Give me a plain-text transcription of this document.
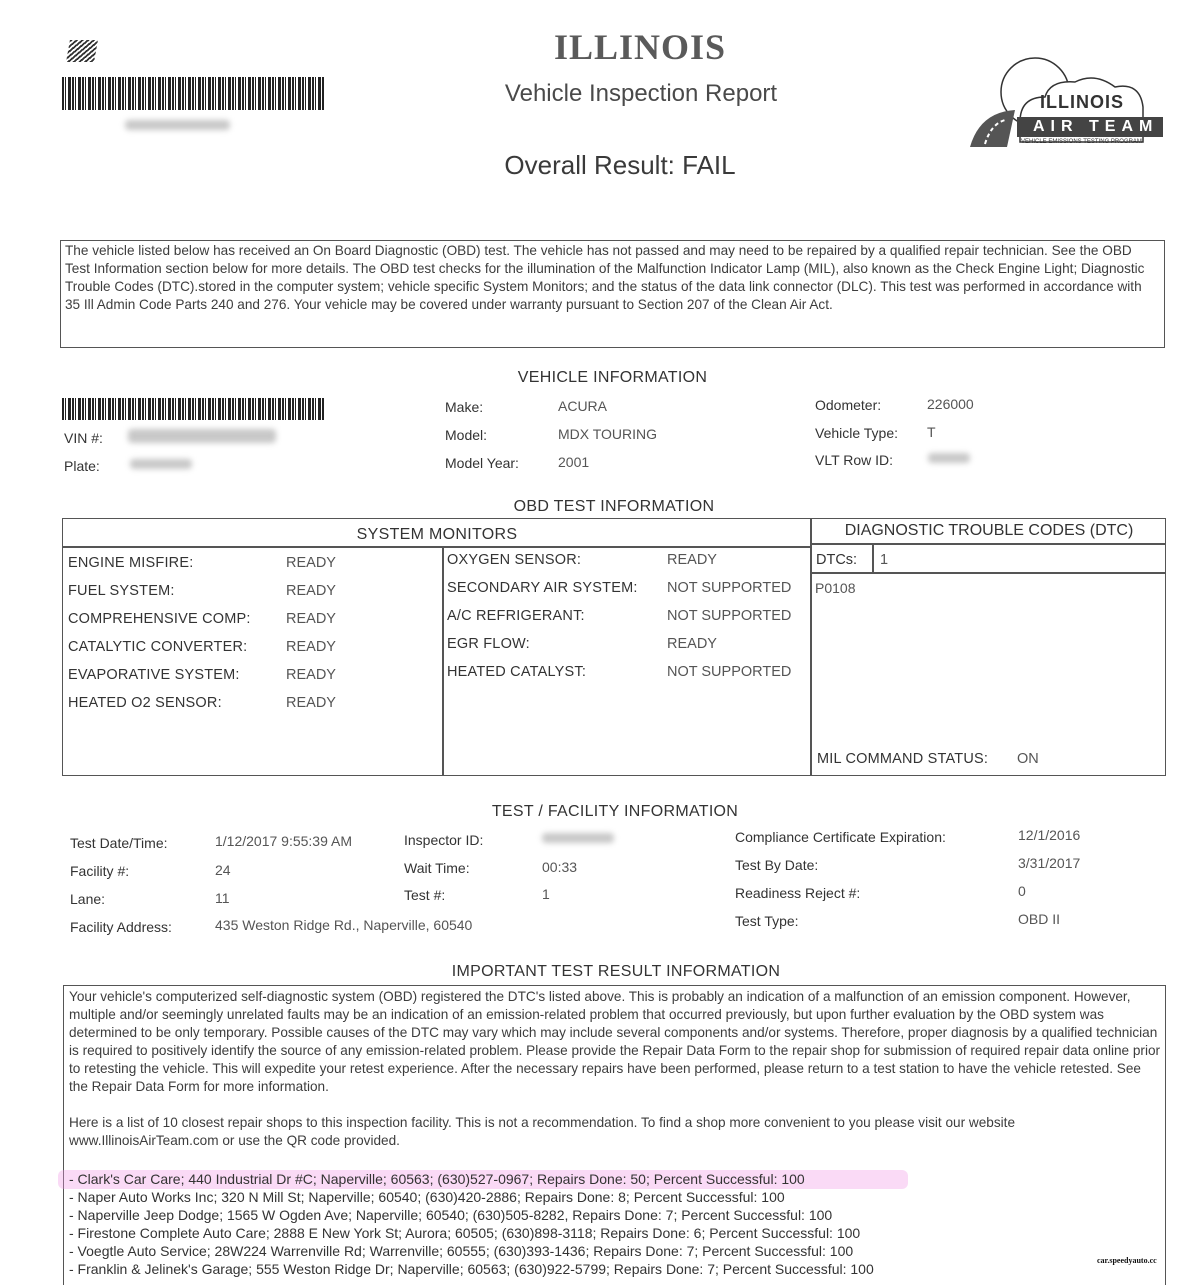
ILLINOIS
Vehicle Inspection Report
Overall Result: FAIL
ILLINOIS
AIR TEAM
VEHICLE EMISSIONS TESTING PROGRAM
The vehicle listed below has received an On Board Diagnostic (OBD) test. The vehicle has not passed and may need to be repaired by a qualified repair technician. See the OBD Test Information section below for more details. The OBD test checks for the illumination of the Malfunction Indicator Lamp (MIL), also known as the Check Engine Light; Diagnostic Trouble Codes (DTC).stored in the computer system; vehicle specific System Monitors; and the status of the data link connector (DLC). This test was performed in accordance with 35 Ill Admin Code Parts 240 and 276. Your vehicle may be covered under warranty pursuant to Section 207 of the Clean Air Act.
VEHICLE INFORMATION
VIN #:
Plate:
Make:	ACURA
Model:	MDX TOURING
Model Year:	2001
Odometer:	226000
Vehicle Type: T
VLT Row ID:
OBD TEST INFORMATION
SYSTEM MONITORS
ENGINE MISFIRE:	READY
FUEL SYSTEM:	READY
COMPREHENSIVE COMP:	READY
CATALYTIC CONVERTER:	READY
EVAPORATIVE SYSTEM:	READY
HEATED O2 SENSOR:	READY
OXYGEN SENSOR:	READY
SECONDARY AIR SYSTEM:	NOT SUPPORTED
A/C REFRIGERANT:	NOT SUPPORTED
EGR FLOW:	READY
HEATED CATALYST:	NOT SUPPORTED
DIAGNOSTIC TROUBLE CODES (DTC)
DTCs: 1
P0108
MIL COMMAND STATUS: ON
TEST / FACILITY INFORMATION
Test Date/Time:	1/12/2017 9:55:39 AM
Facility #:	24
Lane:	11
Facility Address:	435 Weston Ridge Rd., Naperville, 60540
Inspector ID:
Wait Time:	00:33
Test #:	1
Compliance Certificate Expiration:	12/1/2016
Test By Date:	3/31/2017
Readiness Reject #:	0
Test Type:	OBD II
IMPORTANT TEST RESULT INFORMATION
Your vehicle's computerized self-diagnostic system (OBD) registered the DTC's listed above. This is probably an indication of a malfunction of an emission component. However, multiple and/or seemingly unrelated faults may be an indication of an emission-related problem that occurred previously, but upon further evaluation by the OBD system was determined to be only temporary. Possible causes of the DTC may vary which may include several components and/or systems. Therefore, proper diagnosis by a qualified technician is required to positively identify the source of any emission-related problem. Please provide the Repair Data Form to the repair shop for submission of required repair data online prior to retesting the vehicle. This will expedite your retest experience. After the necessary repairs have been performed, please return to a test station to have the vehicle retested. See the Repair Data Form for more information.
Here is a list of 10 closest repair shops to this inspection facility. This is not a recommendation. To find a shop more convenient to you please visit our website www.IllinoisAirTeam.com or use the QR code provided.
- Clark's Car Care; 440 Industrial Dr #C; Naperville; 60563; (630)527-0967; Repairs Done: 50; Percent Successful: 100
- Naper Auto Works Inc; 320 N Mill St; Naperville; 60540; (630)420-2886; Repairs Done: 8; Percent Successful: 100
- Naperville Jeep Dodge; 1565 W Ogden Ave; Naperville; 60540; (630)505-8282, Repairs Done: 7; Percent Successful: 100
- Firestone Complete Auto Care; 2888 E New York St; Aurora; 60505; (630)898-3118; Repairs Done: 6; Percent Successful: 100
- Voegtle Auto Service; 28W224 Warrenville Rd; Warrenville; 60555; (630)393-1436; Repairs Done: 7; Percent Successful: 100
- Franklin & Jelinek's Garage; 555 Weston Ridge Dr; Naperville; 60563; (630)922-5799; Repairs Done: 7; Percent Successful: 100
car.speedyauto.cc
